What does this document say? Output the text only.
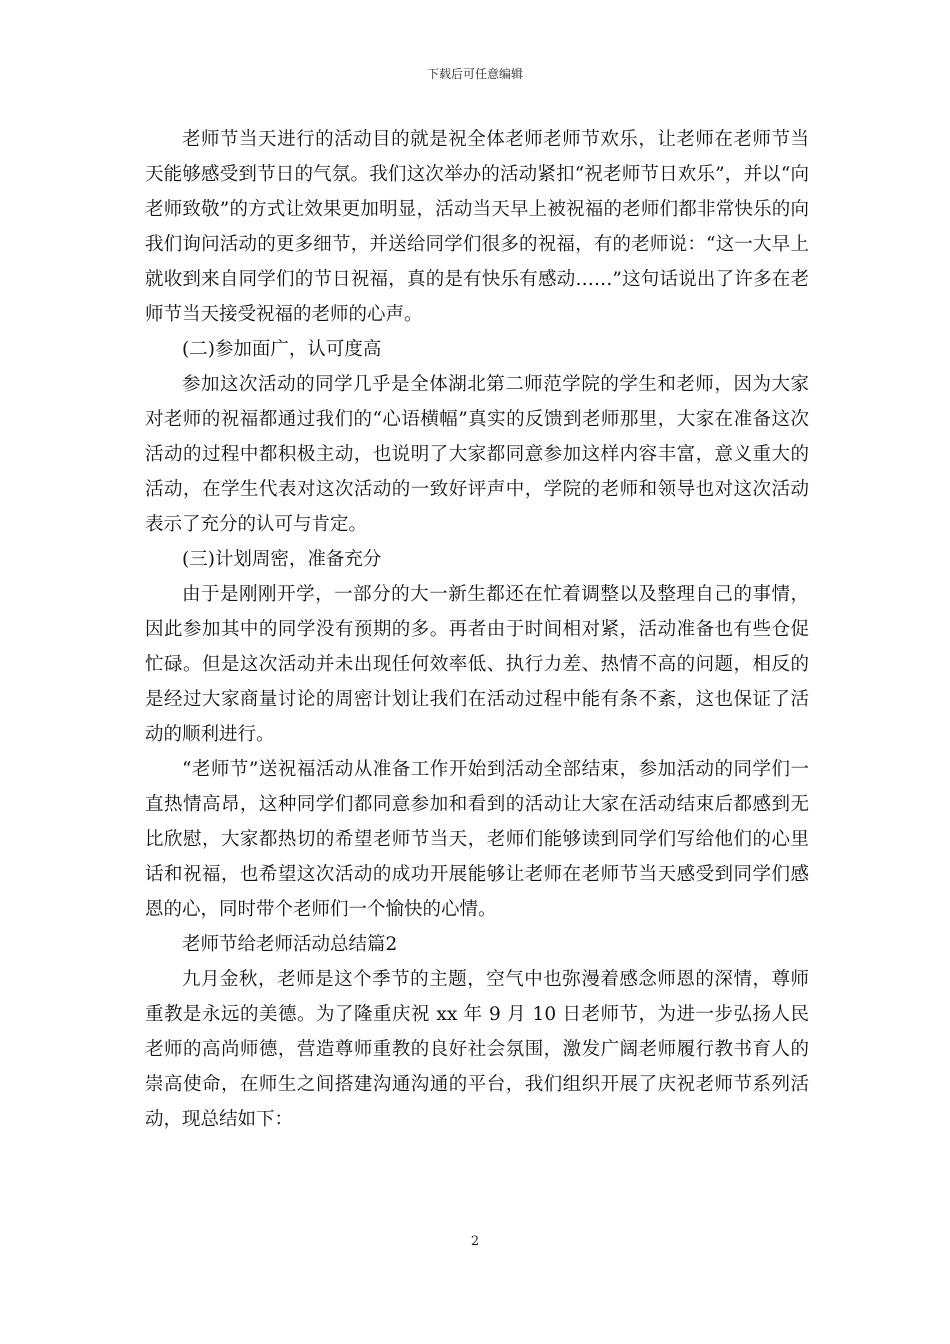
下载后可任意编辑

老师节当天进行的活动目的就是祝全体老师老师节欢乐，让老师在老师节当天能够感受到节日的气氛。我们这次举办的活动紧扣“祝老师节日欢乐”，并以“向老师致敬”的方式让效果更加明显，活动当天早上被祝福的老师们都非常快乐的向我们询问活动的更多细节，并送给同学们很多的祝福，有的老师说：“这一大早上就收到来自同学们的节日祝福，真的是有快乐有感动……”这句话说出了许多在老师节当天接受祝福的老师的心声。

(二)参加面广，认可度高

参加这次活动的同学几乎是全体湖北第二师范学院的学生和老师，因为大家对老师的祝福都通过我们的“心语横幅”真实的反馈到老师那里，大家在准备这次活动的过程中都积极主动，也说明了大家都同意参加这样内容丰富，意义重大的活动，在学生代表对这次活动的一致好评声中，学院的老师和领导也对这次活动表示了充分的认可与肯定。

(三)计划周密，准备充分

由于是刚刚开学，一部分的大一新生都还在忙着调整以及整理自己的事情，因此参加其中的同学没有预期的多。再者由于时间相对紧，活动准备也有些仓促忙碌。但是这次活动并未出现任何效率低、执行力差、热情不高的问题，相反的是经过大家商量讨论的周密计划让我们在活动过程中能有条不紊，这也保证了活动的顺利进行。

“老师节”送祝福活动从准备工作开始到活动全部结束，参加活动的同学们一直热情高昂，这种同学们都同意参加和看到的活动让大家在活动结束后都感到无比欣慰，大家都热切的希望老师节当天，老师们能够读到同学们写给他们的心里话和祝福，也希望这次活动的成功开展能够让老师在老师节当天感受到同学们感恩的心，同时带个老师们一个愉快的心情。

老师节给老师活动总结篇2

九月金秋，老师是这个季节的主题，空气中也弥漫着感念师恩的深情，尊师重教是永远的美德。为了隆重庆祝 xx 年 9 月 10 日老师节，为进一步弘扬人民老师的高尚师德，营造尊师重教的良好社会氛围，激发广阔老师履行教书育人的崇高使命，在师生之间搭建沟通沟通的平台，我们组织开展了庆祝老师节系列活动，现总结如下：

2
